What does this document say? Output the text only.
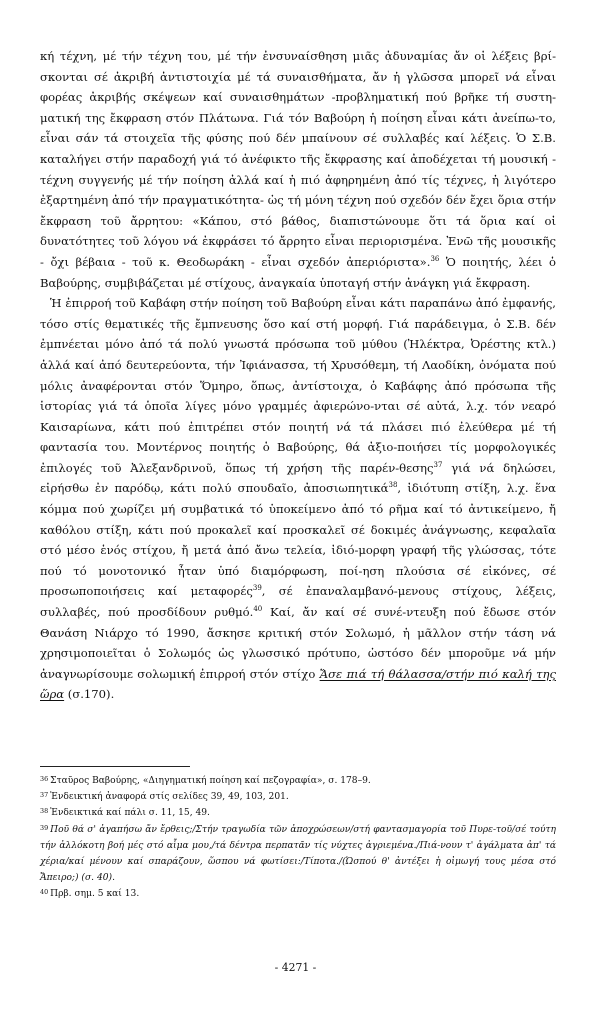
κή τέχνη, μέ τήν τέχνη του, μέ τήν ἐνσυναίσθηση μιᾶς ἀδυναμίας ἄν οἱ λέξεις βρί-σκονται σέ ἀκριβή ἀντιστοιχία μέ τά συναισθήματα, ἄν ἡ γλῶσσα μπορεῖ νά εἶναι φορέας ἀκριβής σκέψεων καί συναισθημάτων -προβληματική πού βρῆκε τή συστη-ματική της ἔκφραση στόν Πλάτωνα. Γιά τόν Βαβούρη ἡ ποίηση εἶναι κάτι ἀνείπω-το, εἶναι σάν τά στοιχεῖα τῆς φύσης πού δέν μπαίνουν σέ συλλαβές καί λέξεις. Ὁ Σ.Β. καταλήγει στήν παραδοχή γιά τό ἀνέφικτο τῆς ἔκφρασης καί ἀποδέχεται τή μουσική - τέχνη συγγενής μέ τήν ποίηση ἀλλά καί ἡ πιό ἀφηρημένη ἀπό τίς τέχνες, ἡ λιγότερο ἐξαρτημένη ἀπό τήν πραγματικότητα- ὡς τή μόνη τέχνη πού σχεδόν δέν ἔχει ὅρια στήν ἔκφραση τοῦ ἄρρητου: «Κάπου, στό βάθος, διαπιστώνουμε ὅτι τά ὅρια καί οἱ δυνατότητες τοῦ λόγου νά ἐκφράσει τό ἄρρητο εἶναι περιορισμένα. Ἐνῶ τῆς μουσικῆς - ὄχι βέβαια - τοῦ κ. Θεοδωράκη - εἶναι σχεδόν ἀπεριόριστα».$^{36}$ Ὁ ποιητής, λέει ὁ Βαβούρης, συμβιβάζεται μέ στίχους, ἀναγκαία ὑποταγή στήν ἀνάγκη γιά ἔκφραση.

Ἡ ἐπιρροή τοῦ Καβάφη στήν ποίηση τοῦ Βαβούρη εἶναι κάτι παραπάνω ἀπό ἐμφανής, τόσο στίς θεματικές τῆς ἔμπνευσης ὅσο καί στή μορφή. Γιά παράδειγμα, ὁ Σ.Β. δέν ἐμπνέεται μόνο ἀπό τά πολύ γνωστά πρόσωπα τοῦ μύθου (Ἠλέκτρα, Ὀρέστης κτλ.) ἀλλά καί ἀπό δευτερεύοντα, τήν Ἰφιάνασσα, τή Χρυσόθεμη, τή Λαοδίκη, ὀνόματα πού μόλις ἀναφέρονται στόν Ὅμηρο, ὅπως, ἀντίστοιχα, ὁ Καβάφης ἀπό πρόσωπα τῆς ἱστορίας γιά τά ὁποῖα λίγες μόνο γραμμές ἀφιερώνο-νται σέ αὐτά, λ.χ. τόν νεαρό Καισαρίωνα, κάτι πού ἐπιτρέπει στόν ποιητή νά τά πλάσει πιό ἐλεύθερα μέ τή φαντασία του. Μοντέρνος ποιητής ὁ Βαβούρης, θά ἀξιο-ποιήσει τίς μορφολογικές ἐπιλογές τοῦ Ἀλεξανδρινοῦ, ὅπως τή χρήση τῆς παρέν-θεσης$^{37}$ γιά νά δηλώσει, εἰρήσθω ἐν παρόδῳ, κάτι πολύ σπουδαῖο, ἀποσιωπητικά$^{38}$, ἰδιότυπη στίξη, λ.χ. ἕνα κόμμα πού χωρίζει μή συμβατικά τό ὑποκείμενο ἀπό τό ρῆμα καί τό ἀντικείμενο, ἤ καθόλου στίξη, κάτι πού προκαλεῖ καί προσκαλεῖ σέ δοκιμές ἀνάγνωσης, κεφαλαῖα στό μέσο ἑνός στίχου, ἤ μετά ἀπό ἄνω τελεία, ἰδιό-μορφη γραφή τῆς γλώσσας, τότε πού τό μονοτονικό ἦταν ὑπό διαμόρφωση, ποί-ηση πλούσια σέ εἰκόνες, σέ προσωποποιήσεις καί μεταφορές$^{39}$, σέ ἐπαναλαμβανό-μενους στίχους, λέξεις, συλλαβές, πού προσδίδουν ρυθμό.$^{40}$ Καί, ἄν καί σέ συνέ-ντευξη πού ἔδωσε στόν Θανάση Νιάρχο τό 1990, ἄσκησε κριτική στόν Σολωμό, ἡ μᾶλλον στήν τάση νά χρησιμοποιεῖται ὁ Σολωμός ὡς γλωσσικό πρότυπο, ὡστόσο δέν μποροῦμε νά μήν ἀναγνωρίσουμε σολωμική ἐπιρροή στόν στίχο Ἄσε πιά τή θάλασσα/στήν πιό καλή της ὥρα (σ.170).

$^{36}$ Σταῦρος Βαβούρης, «Διηγηματική ποίηση καί πεζογραφία», σ. 178–9.

$^{37}$ Ἐνδεικτική ἀναφορά στίς σελίδες 39, 49, 103, 201.

$^{38}$ Ἐνδεικτικά καί πάλι σ. 11, 15, 49.

$^{39}$ Ποῦ θά σ' ἀγαπήσω ἄν ἔρθεις;/Στήν τραγωδία τῶν ἀποχρώσεων/στή φαντασμαγορία τοῦ Πυρε-τοῦ/σέ τούτη τήν ἀλλόκοτη βοή μές στό αἷμα μου,/τά δέντρα περπατᾶν τίς νύχτες ἀγριεμένα./Πιά-νουν τ' ἀγάλματα ἀπ' τά χέρια/καί μένουν καί σπαράζουν, ὥσπου νά φωτίσει:/Τίποτα./(Ὠσπού θ' ἀντέξει ἡ οἰμωγή τους μέσα στό Ἄπειρο;) (σ. 40).

$^{40}$ Πρβ. σημ. 5 καί 13.

- 4271 -
